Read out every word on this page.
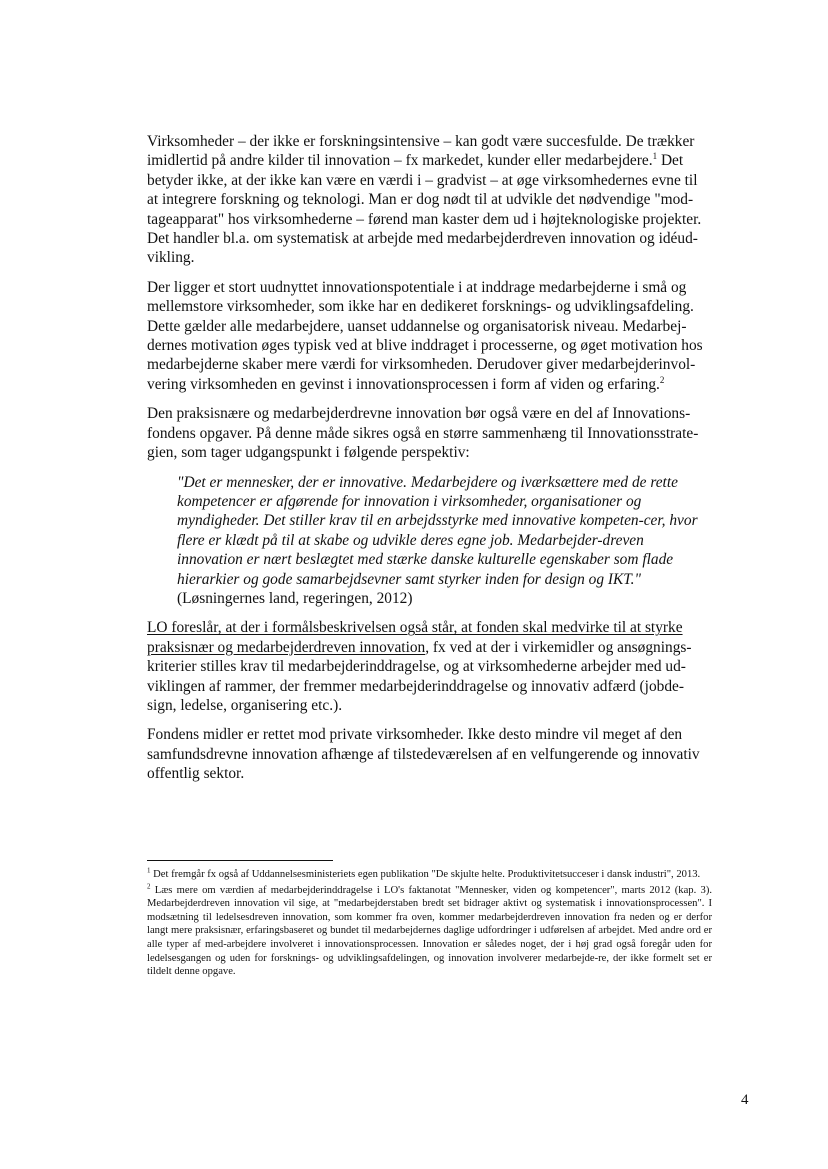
Virksomheder – der ikke er forskningsintensive – kan godt være succesfulde. De trækker imidlertid på andre kilder til innovation – fx markedet, kunder eller medarbejdere.$^1$ Det betyder ikke, at der ikke kan være en værdi i – gradvist – at øge virksomhedernes evne til at integrere forskning og teknologi. Man er dog nødt til at udvikle det nødvendige "mod-tageapparat" hos virksomhederne – førend man kaster dem ud i højteknologiske projekter. Det handler bl.a. om systematisk at arbejde med medarbejderdreven innovation og idéud-vikling.

Der ligger et stort uudnyttet innovationspotentiale i at inddrage medarbejderne i små og mellemstore virksomheder, som ikke har en dedikeret forsknings- og udviklingsafdeling. Dette gælder alle medarbejdere, uanset uddannelse og organisatorisk niveau. Medarbej-dernes motivation øges typisk ved at blive inddraget i processerne, og øget motivation hos medarbejderne skaber mere værdi for virksomheden. Derudover giver medarbejderinvol-vering virksomheden en gevinst i innovationsprocessen i form af viden og erfaring.$^2$

Den praksisnære og medarbejderdrevne innovation bør også være en del af Innovations-fondens opgaver. På denne måde sikres også en større sammenhæng til Innovationsstrate-gien, som tager udgangspunkt i følgende perspektiv:

"Det er mennesker, der er innovative. Medarbejdere og iværksættere med de rette kompetencer er afgørende for innovation i virksomheder, organisationer og myndigheder. Det stiller krav til en arbejdsstyrke med innovative kompeten-cer, hvor flere er klædt på til at skabe og udvikle deres egne job. Medarbejder-dreven innovation er nært beslægtet med stærke danske kulturelle egenskaber som flade hierarkier og gode samarbejdsevner samt styrker inden for design og IKT."
(Løsningernes land, regeringen, 2012)

LO foreslår, at der i formålsbeskrivelsen også står, at fonden skal medvirke til at styrke praksisnær og medarbejderdreven innovation, fx ved at der i virkemidler og ansøgnings-kriterier stilles krav til medarbejderinddragelse, og at virksomhederne arbejder med ud-viklingen af rammer, der fremmer medarbejderinddragelse og innovativ adfærd (jobde-sign, ledelse, organisering etc.).

Fondens midler er rettet mod private virksomheder. Ikke desto mindre vil meget af den samfundsdrevne innovation afhænge af tilstedeværelsen af en velfungerende og innovativ offentlig sektor.

$^1$ Det fremgår fx også af Uddannelsesministeriets egen publikation "De skjulte helte. Produktivitetsucceser i dansk industri", 2013.

$^2$ Læs mere om værdien af medarbejderinddragelse i LO's faktanotat "Mennesker, viden og kompetencer", marts 2012 (kap. 3). Medarbejderdreven innovation vil sige, at "medarbejderstaben bredt set bidrager aktivt og systematisk i innovationsprocessen". I modsætning til ledelsesdreven innovation, som kommer fra oven, kommer medarbejderdreven innovation fra neden og er derfor langt mere praksisnær, erfaringsbaseret og bundet til medarbejdernes daglige udfordringer i udførelsen af arbejdet. Med andre ord er alle typer af med-arbejdere involveret i innovationsprocessen. Innovation er således noget, der i høj grad også foregår uden for ledelsesgangen og uden for forsknings- og udviklingsafdelingen, og innovation involverer medarbejde-re, der ikke formelt set er tildelt denne opgave.

4
